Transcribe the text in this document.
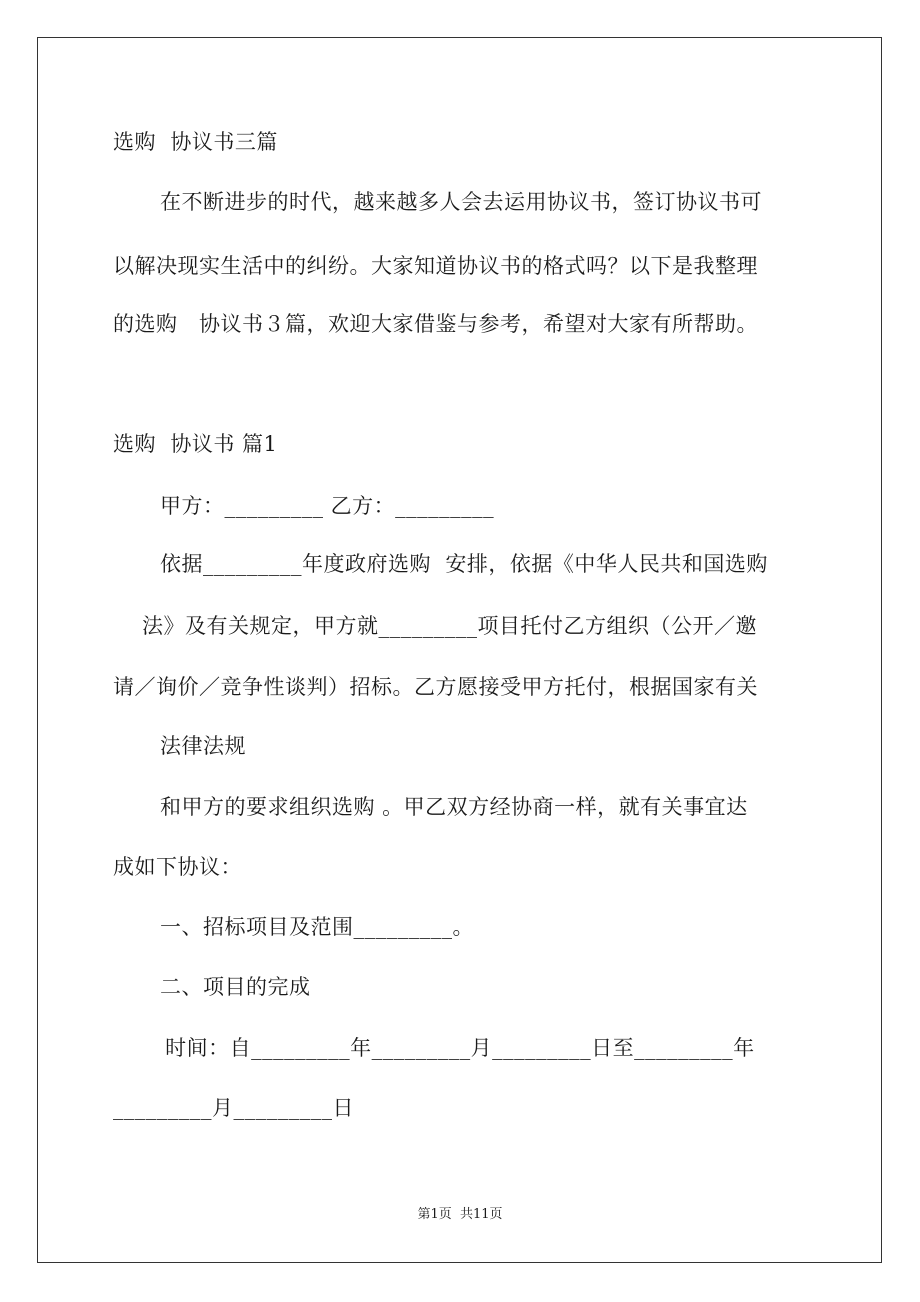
选购  协议书三篇
在不断进步的时代，越来越多人会去运用协议书，签订协议书可
以解决现实生活中的纠纷。大家知道协议书的格式吗？以下是我整理
的选购   协议书３篇，欢迎大家借鉴与参考，希望对大家有所帮助。
选购  协议书 篇1
甲方：_________ 乙方：_________
依据_________年度政府选购  安排，依据《中华人民共和国选购
法》及有关规定，甲方就_________项目托付乙方组织（公开／邀
请／询价／竞争性谈判）招标。乙方愿接受甲方托付，根据国家有关
法律法规
和甲方的要求组织选购 。甲乙双方经协商一样，就有关事宜达
成如下协议：
一、招标项目及范围_________。
二、项目的完成
时间：自_________年_________月_________日至_________年
_________月_________日
第1页  共11页
